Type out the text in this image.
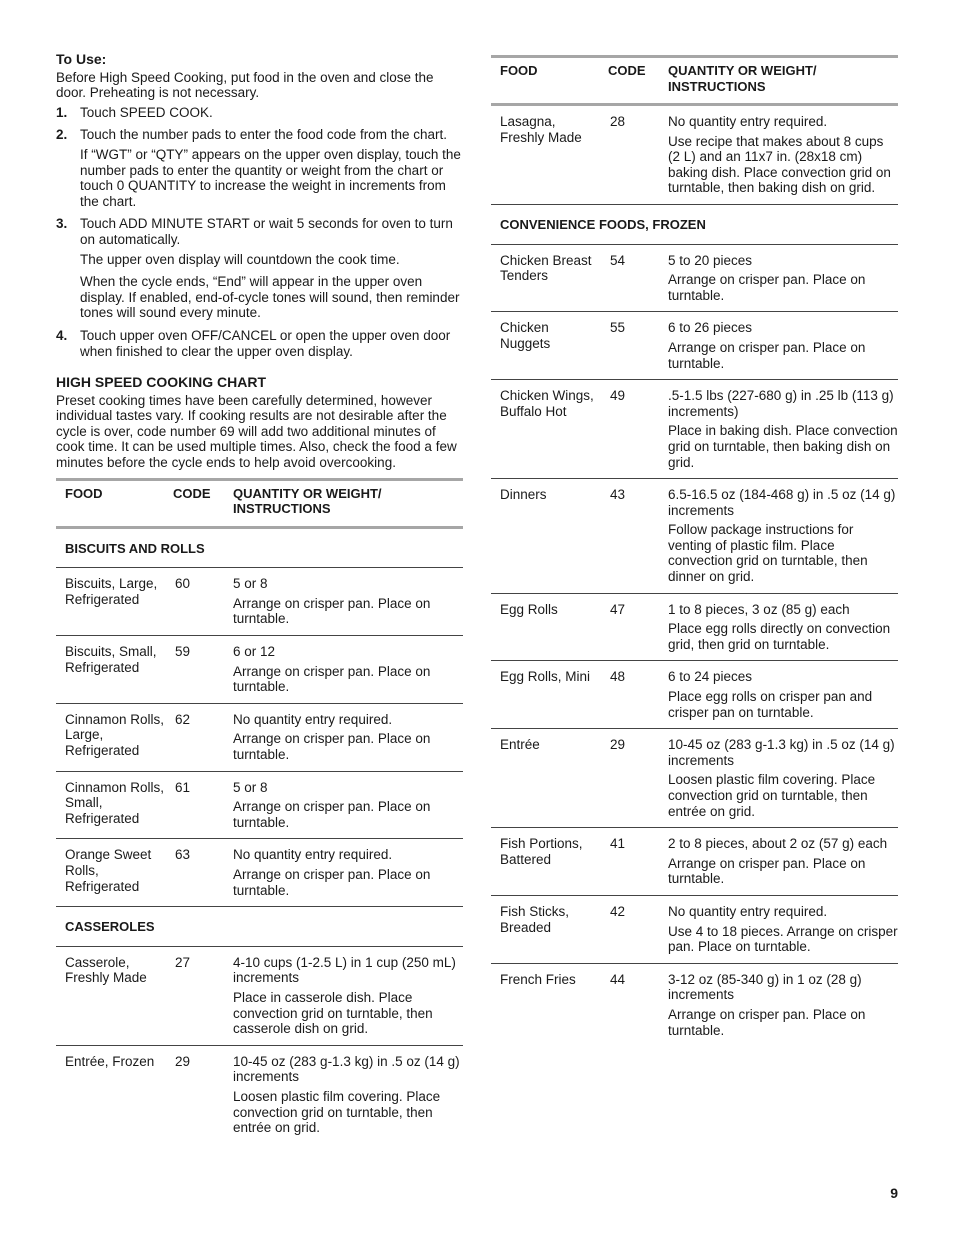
To Use:

Before High Speed Cooking, put food in the oven and close the door. Preheating is not necessary.

1. Touch SPEED COOK.
2. Touch the number pads to enter the food code from the chart.
If “WGT” or “QTY” appears on the upper oven display, touch the number pads to enter the quantity or weight from the chart or touch 0 QUANTITY to increase the weight in increments from the chart.
3. Touch ADD MINUTE START or wait 5 seconds for oven to turn on automatically.
The upper oven display will countdown the cook time.
When the cycle ends, “End” will appear in the upper oven display. If enabled, end-of-cycle tones will sound, then reminder tones will sound every minute.
4. Touch upper oven OFF/CANCEL or open the upper oven door when finished to clear the upper oven display.
HIGH SPEED COOKING CHART

Preset cooking times have been carefully determined, however individual tastes vary. If cooking results are not desirable after the cycle is over, code number 69 will add two additional minutes of cook time. It can be used multiple times. Also, check the food a few minutes before the cycle ends to help avoid overcooking.

FOOD	CODE	QUANTITY OR WEIGHT/ INSTRUCTIONS
BISCUITS AND ROLLS		
Biscuits, Large, Refrigerated	60	5 or 8

Arrange on crisper pan. Place on turntable.

Biscuits, Small, Refrigerated	59	6 or 12

Arrange on crisper pan. Place on turntable.

Cinnamon Rolls, Large, Refrigerated	62	No quantity entry required.

Arrange on crisper pan. Place on turntable.

Cinnamon Rolls, Small, Refrigerated	61	5 or 8

Arrange on crisper pan. Place on turntable.

Orange Sweet Rolls, Refrigerated	63	No quantity entry required.

Arrange on crisper pan. Place on turntable.

CASSEROLES		
Casserole, Freshly Made	27	4-10 cups (1-2.5 L) in 1 cup (250 mL) increments

Place in casserole dish. Place convection grid on turntable, then casserole dish on grid.

Entrée, Frozen	29	10-45 oz (283 g-1.3 kg) in .5 oz (14 g) increments

Loosen plastic film covering. Place convection grid on turntable, then entrée on grid.

FOOD	CODE	QUANTITY OR WEIGHT/ INSTRUCTIONS
Lasagna, Freshly Made	28	No quantity entry required.

Use recipe that makes about 8 cups (2 L) and an 11x7 in. (28x18 cm) baking dish. Place convection grid on turntable, then baking dish on grid.

CONVENIENCE FOODS, FROZEN		
Chicken Breast Tenders	54	5 to 20 pieces

Arrange on crisper pan. Place on turntable.

Chicken Nuggets	55	6 to 26 pieces

Arrange on crisper pan. Place on turntable.

Chicken Wings, Buffalo Hot	49	.5-1.5 lbs (227-680 g) in .25 lb (113 g) increments)

Place in baking dish. Place convection grid on turntable, then baking dish on grid.

Dinners	43	6.5-16.5 oz (184-468 g) in .5 oz (14 g) increments

Follow package instructions for venting of plastic film. Place convection grid on turntable, then dinner on grid.

Egg Rolls	47	1 to 8 pieces, 3 oz (85 g) each

Place egg rolls directly on convection grid, then grid on turntable.

Egg Rolls, Mini	48	6 to 24 pieces

Place egg rolls on crisper pan and crisper pan on turntable.

Entrée	29	10-45 oz (283 g-1.3 kg) in .5 oz (14 g) increments

Loosen plastic film covering. Place convection grid on turntable, then entrée on grid.

Fish Portions, Battered	41	2 to 8 pieces, about 2 oz (57 g) each

Arrange on crisper pan. Place on turntable.

Fish Sticks, Breaded	42	No quantity entry required.

Use 4 to 18 pieces. Arrange on crisper pan. Place on turntable.

French Fries	44	3-12 oz (85-340 g) in 1 oz (28 g) increments

Arrange on crisper pan. Place on turntable.

9
